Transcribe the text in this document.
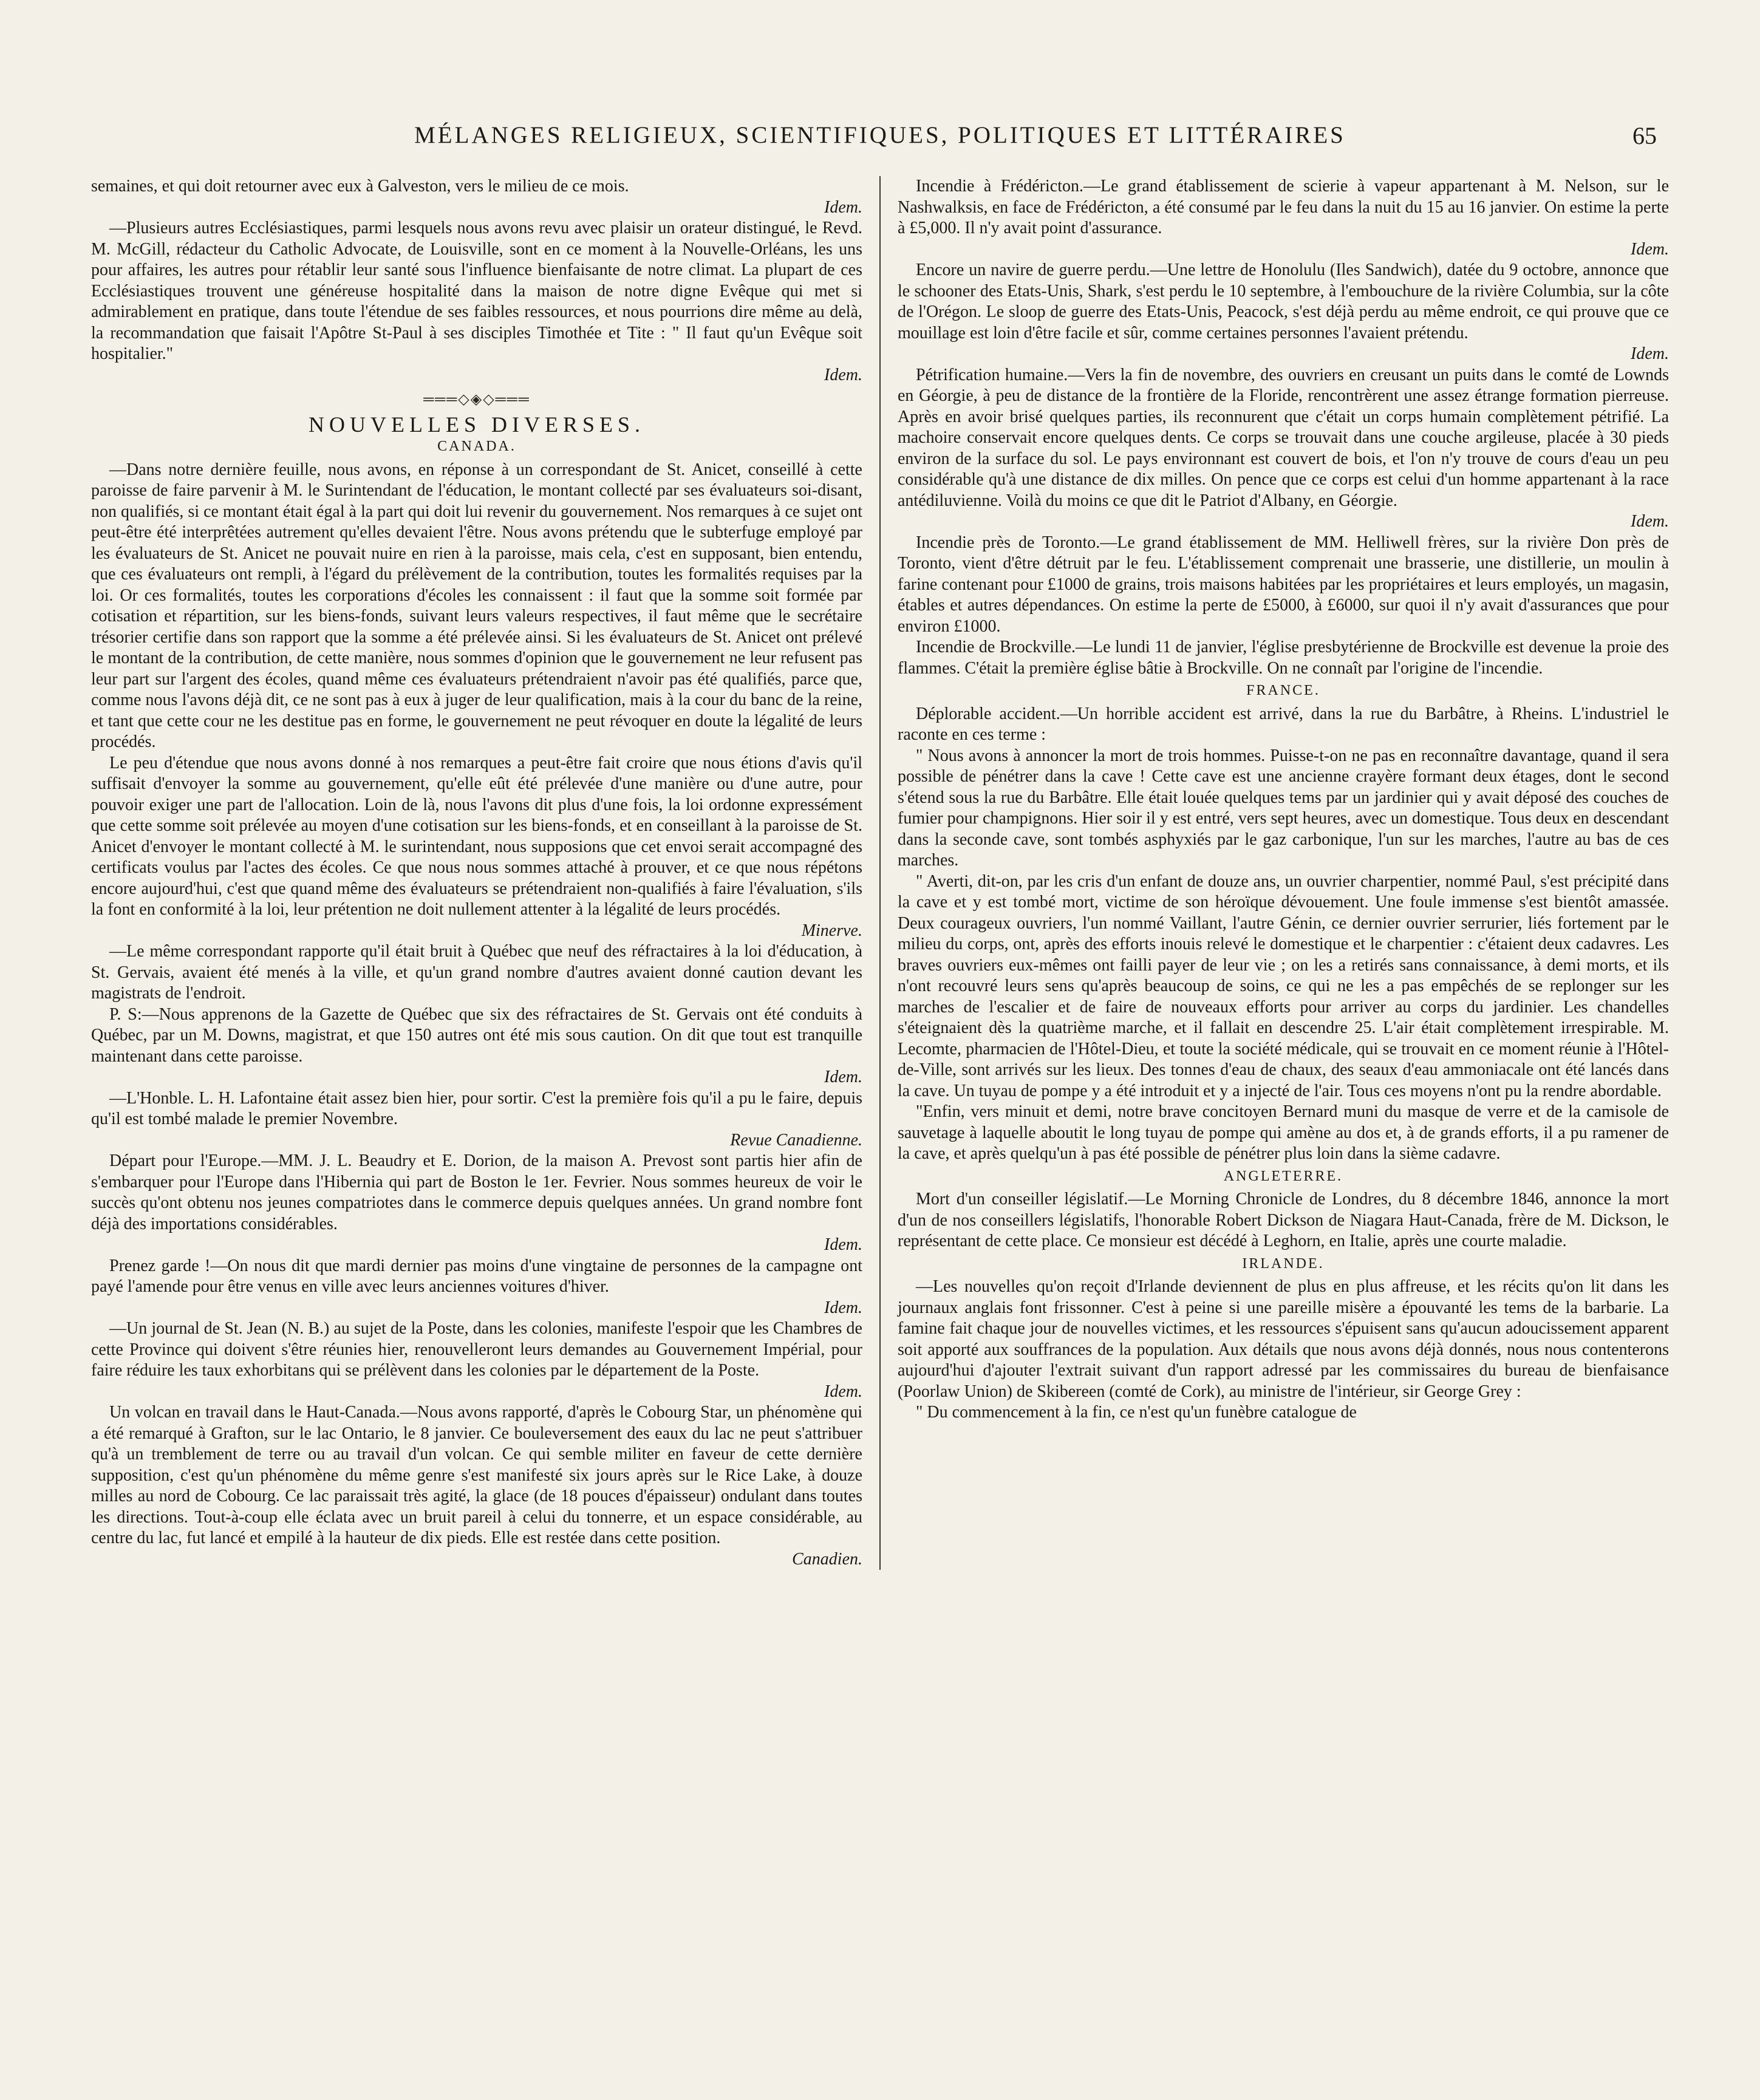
MÉLANGES RELIGIEUX, SCIENTIFIQUES, POLITIQUES ET LITTÉRAIRES	65

semaines, et qui doit retourner avec eux à Galveston, vers le milieu de ce mois.

Idem.

—Plusieurs autres Ecclésiastiques, parmi lesquels nous avons revu avec plaisir un orateur distingué, le Revd. M. McGill, rédacteur du Catholic Advocate, de Louisville, sont en ce moment à la Nouvelle-Orléans, les uns pour affaires, les autres pour rétablir leur santé sous l'influence bienfaisante de notre climat. La plupart de ces Ecclésiastiques trouvent une généreuse hospitalité dans la maison de notre digne Evêque qui met si admirablement en pratique, dans toute l'étendue de ses faibles ressources, et nous pourrions dire même au delà, la recommandation que faisait l'Apôtre St-Paul à ses disciples Timothée et Tite : " Il faut qu'un Evêque soit hospitalier."

Idem.
═══◇◈◇═══
NOUVELLES DIVERSES.
CANADA.

—Dans notre dernière feuille, nous avons, en réponse à un correspondant de St. Anicet, conseillé à cette paroisse de faire parvenir à M. le Surintendant de l'éducation, le montant collecté par ses évaluateurs soi-disant, non qualifiés, si ce montant était égal à la part qui doit lui revenir du gouvernement. Nos remarques à ce sujet ont peut-être été interprêtées autrement qu'elles devaient l'être. Nous avons prétendu que le subterfuge employé par les évaluateurs de St. Anicet ne pouvait nuire en rien à la paroisse, mais cela, c'est en supposant, bien entendu, que ces évaluateurs ont rempli, à l'égard du prélèvement de la contribution, toutes les formalités requises par la loi. Or ces formalités, toutes les corporations d'écoles les connaissent : il faut que la somme soit formée par cotisation et répartition, sur les biens-fonds, suivant leurs valeurs respectives, il faut même que le secrétaire trésorier certifie dans son rapport que la somme a été prélevée ainsi. Si les évaluateurs de St. Anicet ont prélevé le montant de la contribution, de cette manière, nous sommes d'opinion que le gouvernement ne leur refusent pas leur part sur l'argent des écoles, quand même ces évaluateurs prétendraient n'avoir pas été qualifiés, parce que, comme nous l'avons déjà dit, ce ne sont pas à eux à juger de leur qualification, mais à la cour du banc de la reine, et tant que cette cour ne les destitue pas en forme, le gouvernement ne peut révoquer en doute la légalité de leurs procédés.

Le peu d'étendue que nous avons donné à nos remarques a peut-être fait croire que nous étions d'avis qu'il suffisait d'envoyer la somme au gouvernement, qu'elle eût été prélevée d'une manière ou d'une autre, pour pouvoir exiger une part de l'allocation. Loin de là, nous l'avons dit plus d'une fois, la loi ordonne expressément que cette somme soit prélevée au moyen d'une cotisation sur les biens-fonds, et en conseillant à la paroisse de St. Anicet d'envoyer le montant collecté à M. le surintendant, nous supposions que cet envoi serait accompagné des certificats voulus par l'actes des écoles. Ce que nous nous sommes attaché à prouver, et ce que nous répétons encore aujourd'hui, c'est que quand même des évaluateurs se prétendraient non-qualifiés à faire l'évaluation, s'ils la font en conformité à la loi, leur prétention ne doit nullement attenter à la légalité de leurs procédés.

Minerve.

—Le même correspondant rapporte qu'il était bruit à Québec que neuf des réfractaires à la loi d'éducation, à St. Gervais, avaient été menés à la ville, et qu'un grand nombre d'autres avaient donné caution devant les magistrats de l'endroit.

P. S:—Nous apprenons de la Gazette de Québec que six des réfractaires de St. Gervais ont été conduits à Québec, par un M. Downs, magistrat, et que 150 autres ont été mis sous caution. On dit que tout est tranquille maintenant dans cette paroisse.

Idem.

—L'Honble. L. H. Lafontaine était assez bien hier, pour sortir. C'est la première fois qu'il a pu le faire, depuis qu'il est tombé malade le premier Novembre.

Revue Canadienne.

Départ pour l'Europe.—MM. J. L. Beaudry et E. Dorion, de la maison A. Prevost sont partis hier afin de s'embarquer pour l'Europe dans l'Hibernia qui part de Boston le 1er. Fevrier. Nous sommes heureux de voir le succès qu'ont obtenu nos jeunes compatriotes dans le commerce depuis quelques années. Un grand nombre font déjà des importations considérables.

Idem.

Prenez garde !—On nous dit que mardi dernier pas moins d'une vingtaine de personnes de la campagne ont payé l'amende pour être venus en ville avec leurs anciennes voitures d'hiver.

Idem.

—Un journal de St. Jean (N. B.) au sujet de la Poste, dans les colonies, manifeste l'espoir que les Chambres de cette Province qui doivent s'être réunies hier, renouvelleront leurs demandes au Gouvernement Impérial, pour faire réduire les taux exhorbitans qui se prélèvent dans les colonies par le département de la Poste.

Idem.

Un volcan en travail dans le Haut-Canada.—Nous avons rapporté, d'après le Cobourg Star, un phénomène qui a été remarqué à Grafton, sur le lac Ontario, le 8 janvier. Ce bouleversement des eaux du lac ne peut s'attribuer qu'à un tremblement de terre ou au travail d'un volcan. Ce qui semble militer en faveur de cette dernière supposition, c'est qu'un phénomène du même genre s'est manifesté six jours après sur le Rice Lake, à douze milles au nord de Cobourg. Ce lac paraissait très agité, la glace (de 18 pouces d'épaisseur) ondulant dans toutes les directions. Tout-à-coup elle éclata avec un bruit pareil à celui du tonnerre, et un espace considérable, au centre du lac, fut lancé et empilé à la hauteur de dix pieds. Elle est restée dans cette position.

Canadien.

Incendie à Frédéricton.—Le grand établissement de scierie à vapeur appartenant à M. Nelson, sur le Nashwalksis, en face de Frédéricton, a été consumé par le feu dans la nuit du 15 au 16 janvier. On estime la perte à £5,000. Il n'y avait point d'assurance.

Idem.

Encore un navire de guerre perdu.—Une lettre de Honolulu (Iles Sandwich), datée du 9 octobre, annonce que le schooner des Etats-Unis, Shark, s'est perdu le 10 septembre, à l'embouchure de la rivière Columbia, sur la côte de l'Orégon. Le sloop de guerre des Etats-Unis, Peacock, s'est déjà perdu au même endroit, ce qui prouve que ce mouillage est loin d'être facile et sûr, comme certaines personnes l'avaient prétendu.

Idem.

Pétrification humaine.—Vers la fin de novembre, des ouvriers en creusant un puits dans le comté de Lownds en Géorgie, à peu de distance de la frontière de la Floride, rencontrèrent une assez étrange formation pierreuse. Après en avoir brisé quelques parties, ils reconnurent que c'était un corps humain complètement pétrifié. La machoire conservait encore quelques dents. Ce corps se trouvait dans une couche argileuse, placée à 30 pieds environ de la surface du sol. Le pays environnant est couvert de bois, et l'on n'y trouve de cours d'eau un peu considérable qu'à une distance de dix milles. On pence que ce corps est celui d'un homme appartenant à la race antédiluvienne. Voilà du moins ce que dit le Patriot d'Albany, en Géorgie.

Idem.

Incendie près de Toronto.—Le grand établissement de MM. Helliwell frères, sur la rivière Don près de Toronto, vient d'être détruit par le feu. L'établissement comprenait une brasserie, une distillerie, un moulin à farine contenant pour £1000 de grains, trois maisons habitées par les propriétaires et leurs employés, un magasin, étables et autres dépendances. On estime la perte de £5000, à £6000, sur quoi il n'y avait d'assurances que pour environ £1000.

Incendie de Brockville.—Le lundi 11 de janvier, l'église presbytérienne de Brockville est devenue la proie des flammes. C'était la première église bâtie à Brockville. On ne connaît par l'origine de l'incendie.

FRANCE.

Déplorable accident.—Un horrible accident est arrivé, dans la rue du Barbâtre, à Rheins. L'industriel le raconte en ces terme :

" Nous avons à annoncer la mort de trois hommes. Puisse-t-on ne pas en reconnaître davantage, quand il sera possible de pénétrer dans la cave ! Cette cave est une ancienne crayère formant deux étages, dont le second s'étend sous la rue du Barbâtre. Elle était louée quelques tems par un jardinier qui y avait déposé des couches de fumier pour champignons. Hier soir il y est entré, vers sept heures, avec un domestique. Tous deux en descendant dans la seconde cave, sont tombés asphyxiés par le gaz carbonique, l'un sur les marches, l'autre au bas de ces marches.

" Averti, dit-on, par les cris d'un enfant de douze ans, un ouvrier charpentier, nommé Paul, s'est précipité dans la cave et y est tombé mort, victime de son héroïque dévouement. Une foule immense s'est bientôt amassée. Deux courageux ouvriers, l'un nommé Vaillant, l'autre Génin, ce dernier ouvrier serrurier, liés fortement par le milieu du corps, ont, après des efforts inouis relevé le domestique et le charpentier : c'étaient deux cadavres. Les braves ouvriers eux-mêmes ont failli payer de leur vie ; on les a retirés sans connaissance, à demi morts, et ils n'ont recouvré leurs sens qu'après beaucoup de soins, ce qui ne les a pas empêchés de se replonger sur les marches de l'escalier et de faire de nouveaux efforts pour arriver au corps du jardinier. Les chandelles s'éteignaient dès la quatrième marche, et il fallait en descendre 25. L'air était complètement irrespirable. M. Lecomte, pharmacien de l'Hôtel-Dieu, et toute la société médicale, qui se trouvait en ce moment réunie à l'Hôtel-de-Ville, sont arrivés sur les lieux. Des tonnes d'eau de chaux, des seaux d'eau ammoniacale ont été lancés dans la cave. Un tuyau de pompe y a été introduit et y a injecté de l'air. Tous ces moyens n'ont pu la rendre abordable.

"Enfin, vers minuit et demi, notre brave concitoyen Bernard muni du masque de verre et de la camisole de sauvetage à laquelle aboutit le long tuyau de pompe qui amène au dos et, à de grands efforts, il a pu ramener de la cave, et après quelqu'un à pas été possible de pénétrer plus loin dans la sième cadavre.

ANGLETERRE.

Mort d'un conseiller législatif.—Le Morning Chronicle de Londres, du 8 décembre 1846, annonce la mort d'un de nos conseillers législatifs, l'honorable Robert Dickson de Niagara Haut-Canada, frère de M. Dickson, le représentant de cette place. Ce monsieur est décédé à Leghorn, en Italie, après une courte maladie.

IRLANDE.

—Les nouvelles qu'on reçoit d'Irlande deviennent de plus en plus affreuse, et les récits qu'on lit dans les journaux anglais font frissonner. C'est à peine si une pareille misère a épouvanté les tems de la barbarie. La famine fait chaque jour de nouvelles victimes, et les ressources s'épuisent sans qu'aucun adoucissement apparent soit apporté aux souffrances de la population. Aux détails que nous avons déjà donnés, nous nous contenterons aujourd'hui d'ajouter l'extrait suivant d'un rapport adressé par les commissaires du bureau de bienfaisance (Poorlaw Union) de Skibereen (comté de Cork), au ministre de l'intérieur, sir George Grey :

" Du commencement à la fin, ce n'est qu'un funèbre catalogue de
